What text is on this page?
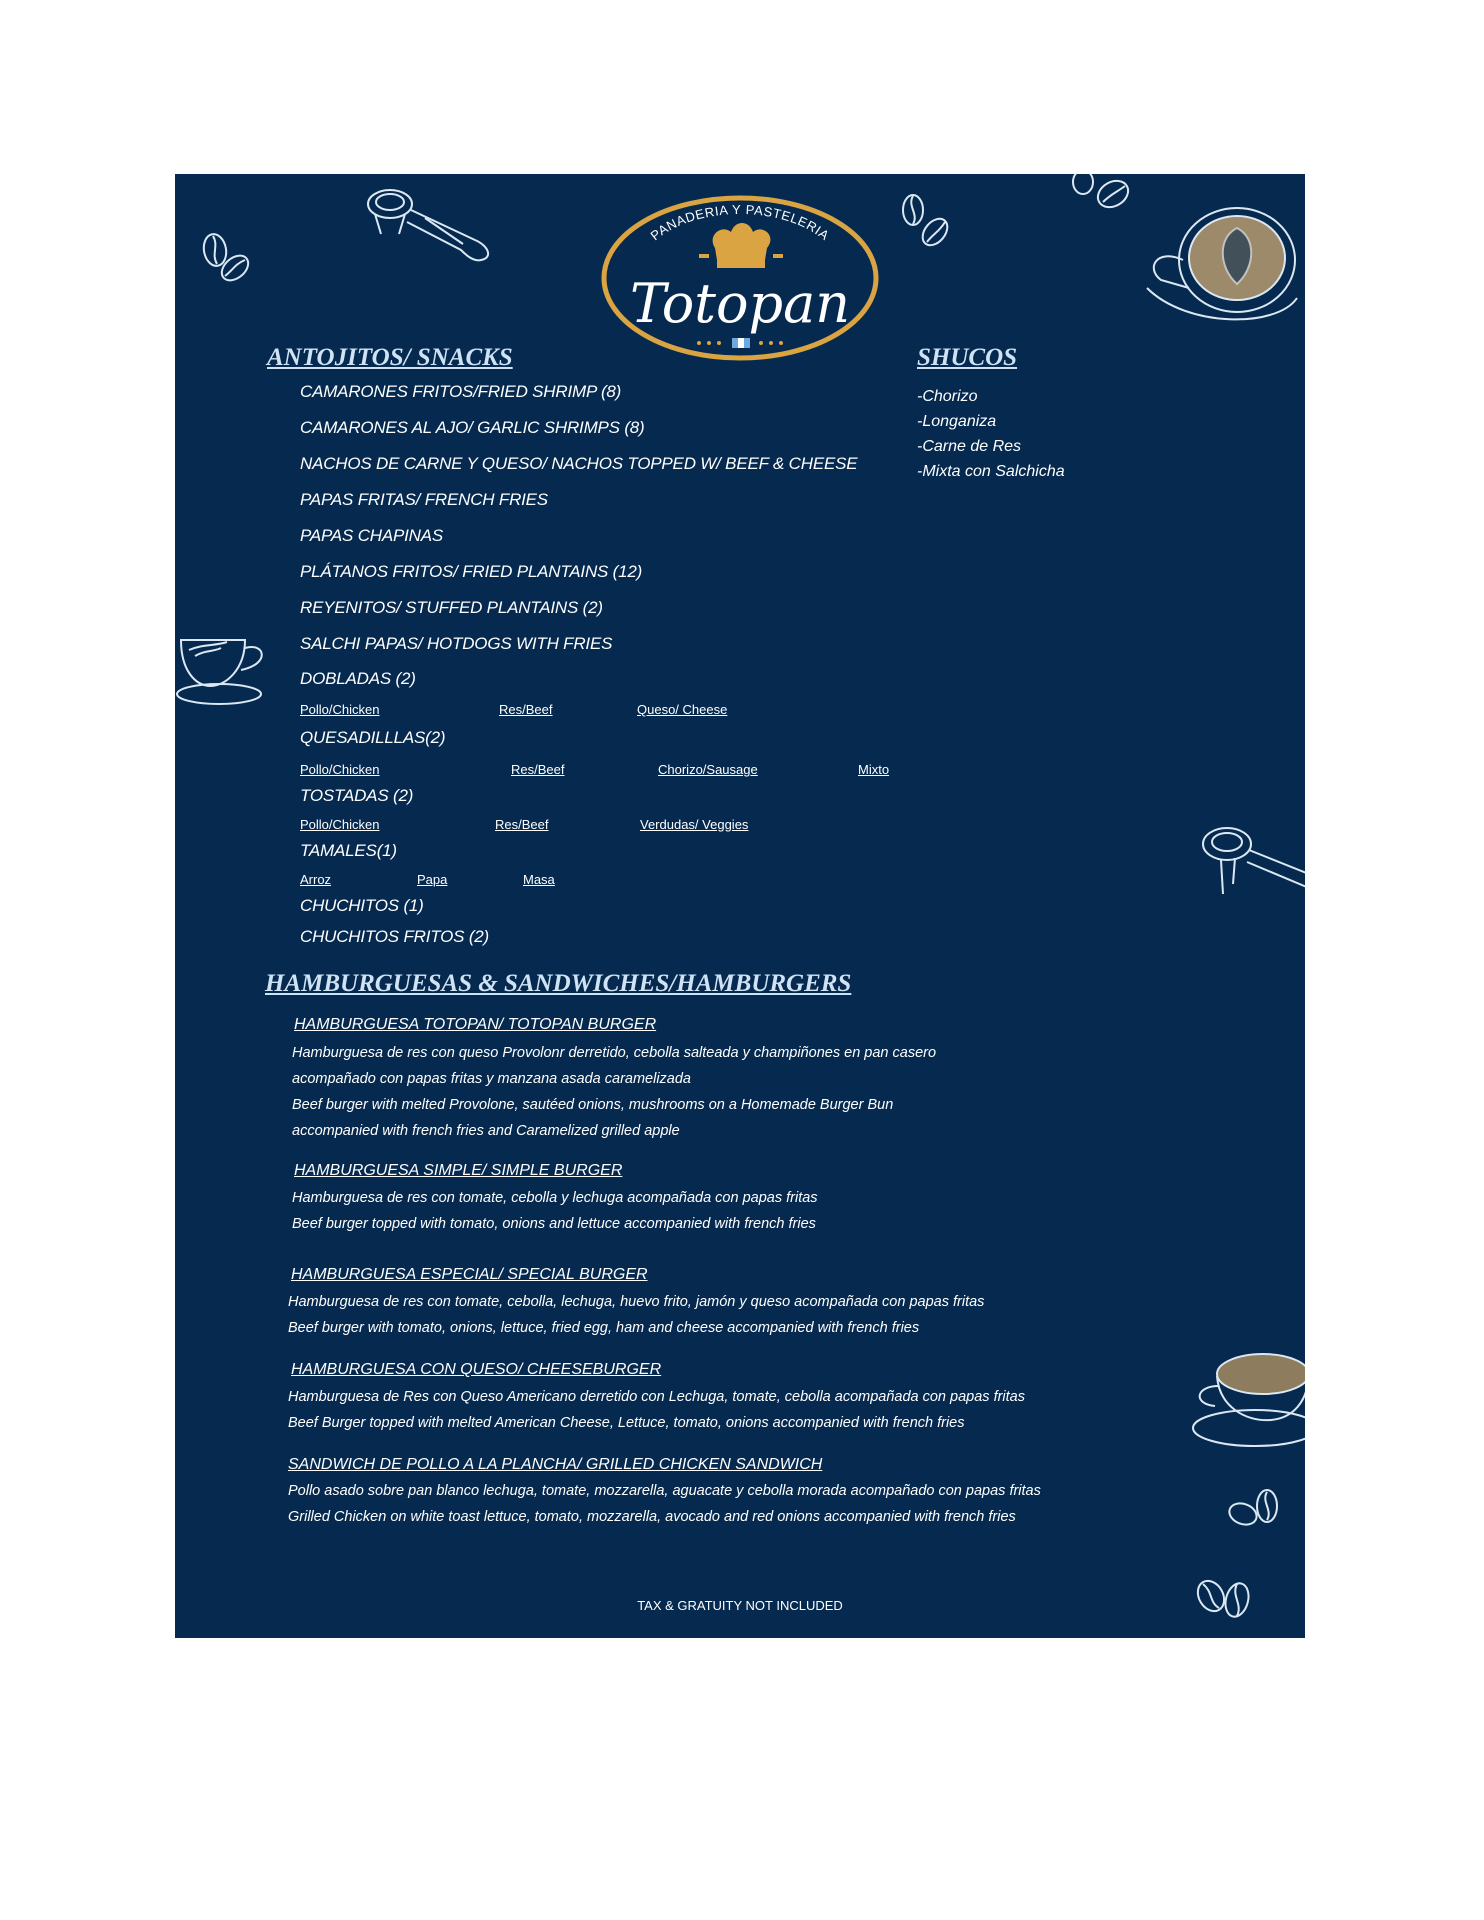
PANADERIA Y PASTELERIA
Totopan
ANTOJITOS/ SNACKS
CAMARONES FRITOS/FRIED SHRIMP (8)
CAMARONES AL AJO/ GARLIC SHRIMPS (8)
NACHOS DE CARNE Y QUESO/ NACHOS TOPPED W/ BEEF & CHEESE
PAPAS FRITAS/ FRENCH FRIES
PAPAS CHAPINAS
PLÁTANOS FRITOS/ FRIED PLANTAINS (12)
REYENITOS/ STUFFED PLANTAINS (2)
SALCHI PAPAS/ HOTDOGS WITH FRIES
DOBLADAS (2)
Pollo/Chicken	Res/Beef	Queso/ Cheese
QUESADILLLAS(2)
Pollo/Chicken	Res/Beef	Chorizo/Sausage	Mixto
TOSTADAS (2)
Pollo/Chicken	Res/Beef	Verdudas/ Veggies
TAMALES(1)
Arroz	Papa	Masa
CHUCHITOS (1)
CHUCHITOS FRITOS (2)
SHUCOS
-Chorizo
-Longaniza
-Carne de Res
-Mixta con Salchicha
HAMBURGUESAS & SANDWICHES/HAMBURGERS
HAMBURGUESA TOTOPAN/ TOTOPAN BURGER
Hamburguesa de res con queso Provolonr derretido, cebolla salteada y champiñones en pan casero
acompañado con papas fritas y manzana asada caramelizada
Beef burger with melted Provolone, sautéed onions, mushrooms on a Homemade Burger Bun
accompanied with french fries and Caramelized grilled apple
HAMBURGUESA SIMPLE/ SIMPLE BURGER
Hamburguesa de res con tomate, cebolla y lechuga acompañada con papas fritas
Beef burger topped with tomato, onions and lettuce accompanied with french fries
HAMBURGUESA ESPECIAL/ SPECIAL BURGER
Hamburguesa de res con tomate, cebolla, lechuga, huevo frito, jamón y queso acompañada con papas fritas
Beef burger with tomato, onions, lettuce, fried egg, ham and cheese accompanied with french fries
HAMBURGUESA CON QUESO/ CHEESEBURGER
Hamburguesa de Res con Queso Americano derretido con Lechuga, tomate, cebolla acompañada con papas fritas
Beef Burger topped with melted American Cheese, Lettuce, tomato, onions accompanied with french fries
SANDWICH DE POLLO A LA PLANCHA/ GRILLED CHICKEN SANDWICH
Pollo asado sobre pan blanco lechuga, tomate, mozzarella, aguacate y cebolla morada acompañado con papas fritas
Grilled Chicken on white toast lettuce, tomato, mozzarella, avocado and red onions accompanied with french fries
TAX & GRATUITY NOT INCLUDED
